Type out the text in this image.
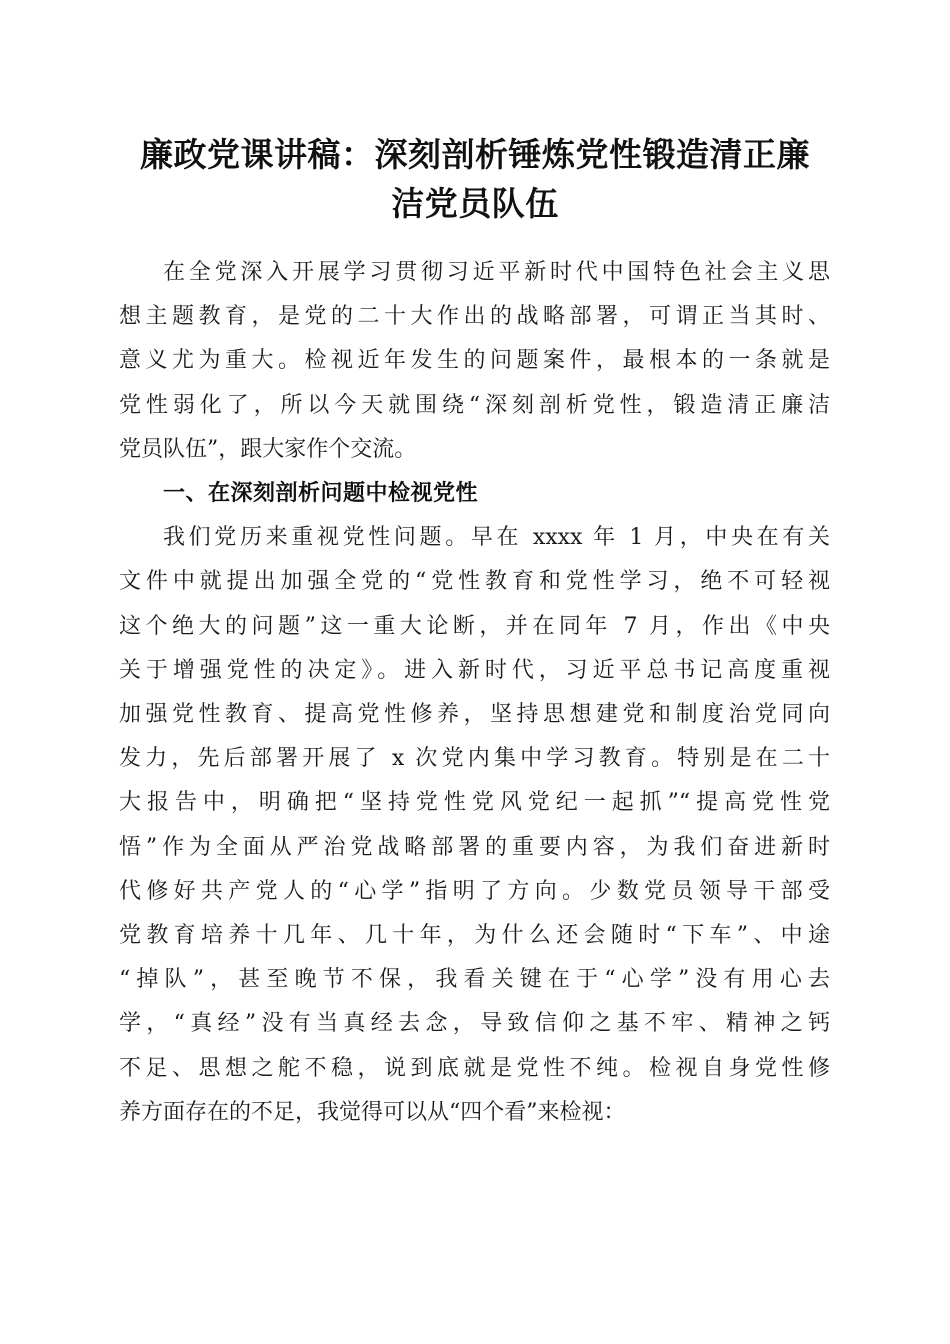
廉政党课讲稿：深刻剖析锤炼党性锻造清正廉
洁党员队伍
在全党深入开展学习贯彻习近平新时代中国特色社会主义思
想主题教育，是党的二十大作出的战略部署，可谓正当其时、
意义尤为重大。检视近年发生的问题案件，最根本的一条就是
党性弱化了，所以今天就围绕“深刻剖析党性，锻造清正廉洁
党员队伍”，跟大家作个交流。
一、在深刻剖析问题中检视党性
我们党历来重视党性问题。早在 xxxx 年 1 月，中央在有关
文件中就提出加强全党的“党性教育和党性学习，绝不可轻视
这个绝大的问题”这一重大论断，并在同年 7 月，作出《中央
关于增强党性的决定》。进入新时代，习近平总书记高度重视
加强党性教育、提高党性修养，坚持思想建党和制度治党同向
发力，先后部署开展了 x 次党内集中学习教育。特别是在二十
大报告中，明确把“坚持党性党风党纪一起抓”“提高党性党
悟”作为全面从严治党战略部署的重要内容，为我们奋进新时
代修好共产党人的“心学”指明了方向。少数党员领导干部受
党教育培养十几年、几十年，为什么还会随时“下车”、中途
“掉队”，甚至晚节不保，我看关键在于“心学”没有用心去
学，“真经”没有当真经去念，导致信仰之基不牢、精神之钙
不足、思想之舵不稳，说到底就是党性不纯。检视自身党性修
养方面存在的不足，我觉得可以从“四个看”来检视：
